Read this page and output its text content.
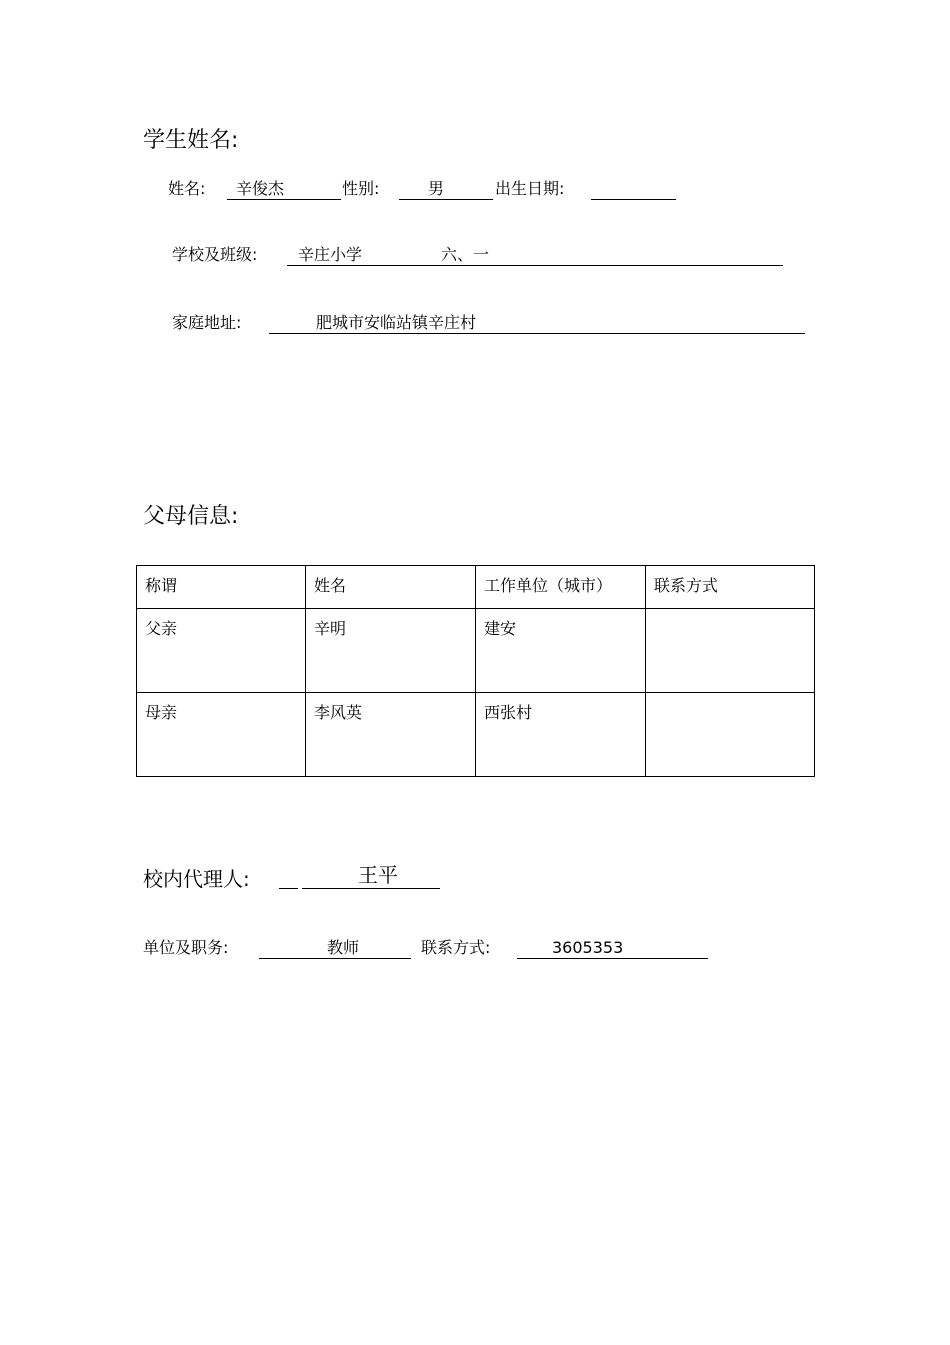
学生姓名:
姓名: 辛俊杰	性别:	男	出生日期:
学校及班级:	辛庄小学	六、一
家庭地址:	肥城市安临站镇辛庄村
父母信息:
称谓	姓名	工作单位（城市）	联系方式
父亲	辛明	建安	
母亲	李风英	西张村	
校内代理人:	王平
单位及职务:	教师	联系方式:	3605353
